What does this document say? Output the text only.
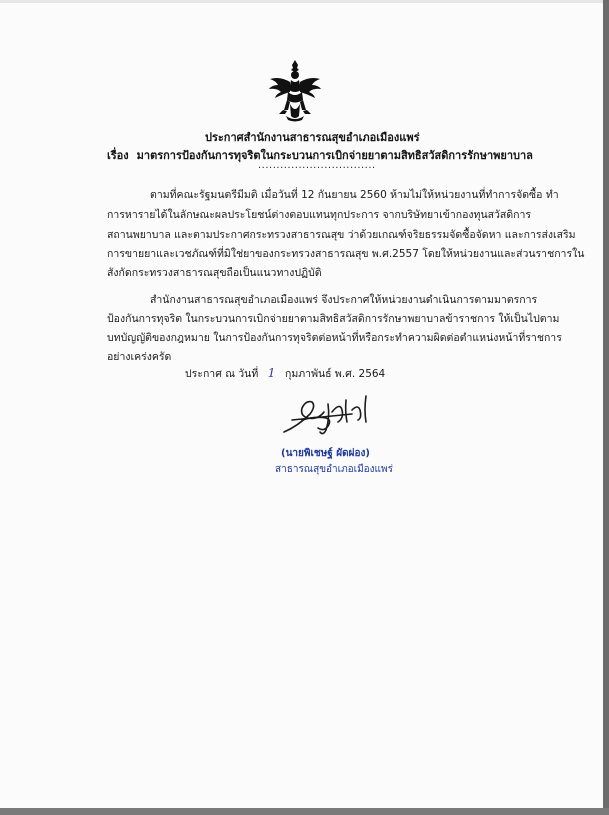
ประกาศสำนักงานสาธารณสุขอำเภอเมืองแพร่
เรื่อง มาตรการป้องกันการทุจริตในกระบวนการเบิกจ่ายยาตามสิทธิสวัสดิการรักษาพยาบาล
................................
ตามที่คณะรัฐมนตรีมีมติ เมื่อวันที่ 12 กันยายน 2560 ห้ามไม่ให้หน่วยงานที่ทำการจัดซื้อ ทำ
การหารายได้ในลักษณะผลประโยชน์ต่างตอบแทนทุกประการ จากบริษัทยาเข้ากองทุนสวัสดิการ
สถานพยาบาล และตามประกาศกระทรวงสาธารณสุข ว่าด้วยเกณฑ์จริยธรรมจัดซื้อจัดหา และการส่งเสริม
การขายยาและเวชภัณฑ์ที่มิใช่ยาของกระทรวงสาธารณสุข พ.ศ.2557 โดยให้หน่วยงานและส่วนราชการใน
สังกัดกระทรวงสาธารณสุขถือเป็นแนวทางปฏิบัติ
สำนักงานสาธารณสุขอำเภอเมืองแพร่ จึงประกาศให้หน่วยงานดำเนินการตามมาตรการ
ป้องกันการทุจริต ในกระบวนการเบิกจ่ายยาตามสิทธิสวัสดิการรักษาพยาบาลข้าราชการ ให้เป็นไปตาม
บทบัญญัติของกฎหมาย ในการป้องกันการทุจริตต่อหน้าที่หรือกระทำความผิดต่อตำแหน่งหน้าที่ราชการ
อย่างเคร่งครัด
ประกาศ ณ วันที่ 1 กุมภาพันธ์ พ.ศ. 2564
(นายพิเชษฐ์ ผัดผ่อง)
สาธารณสุขอำเภอเมืองแพร่
